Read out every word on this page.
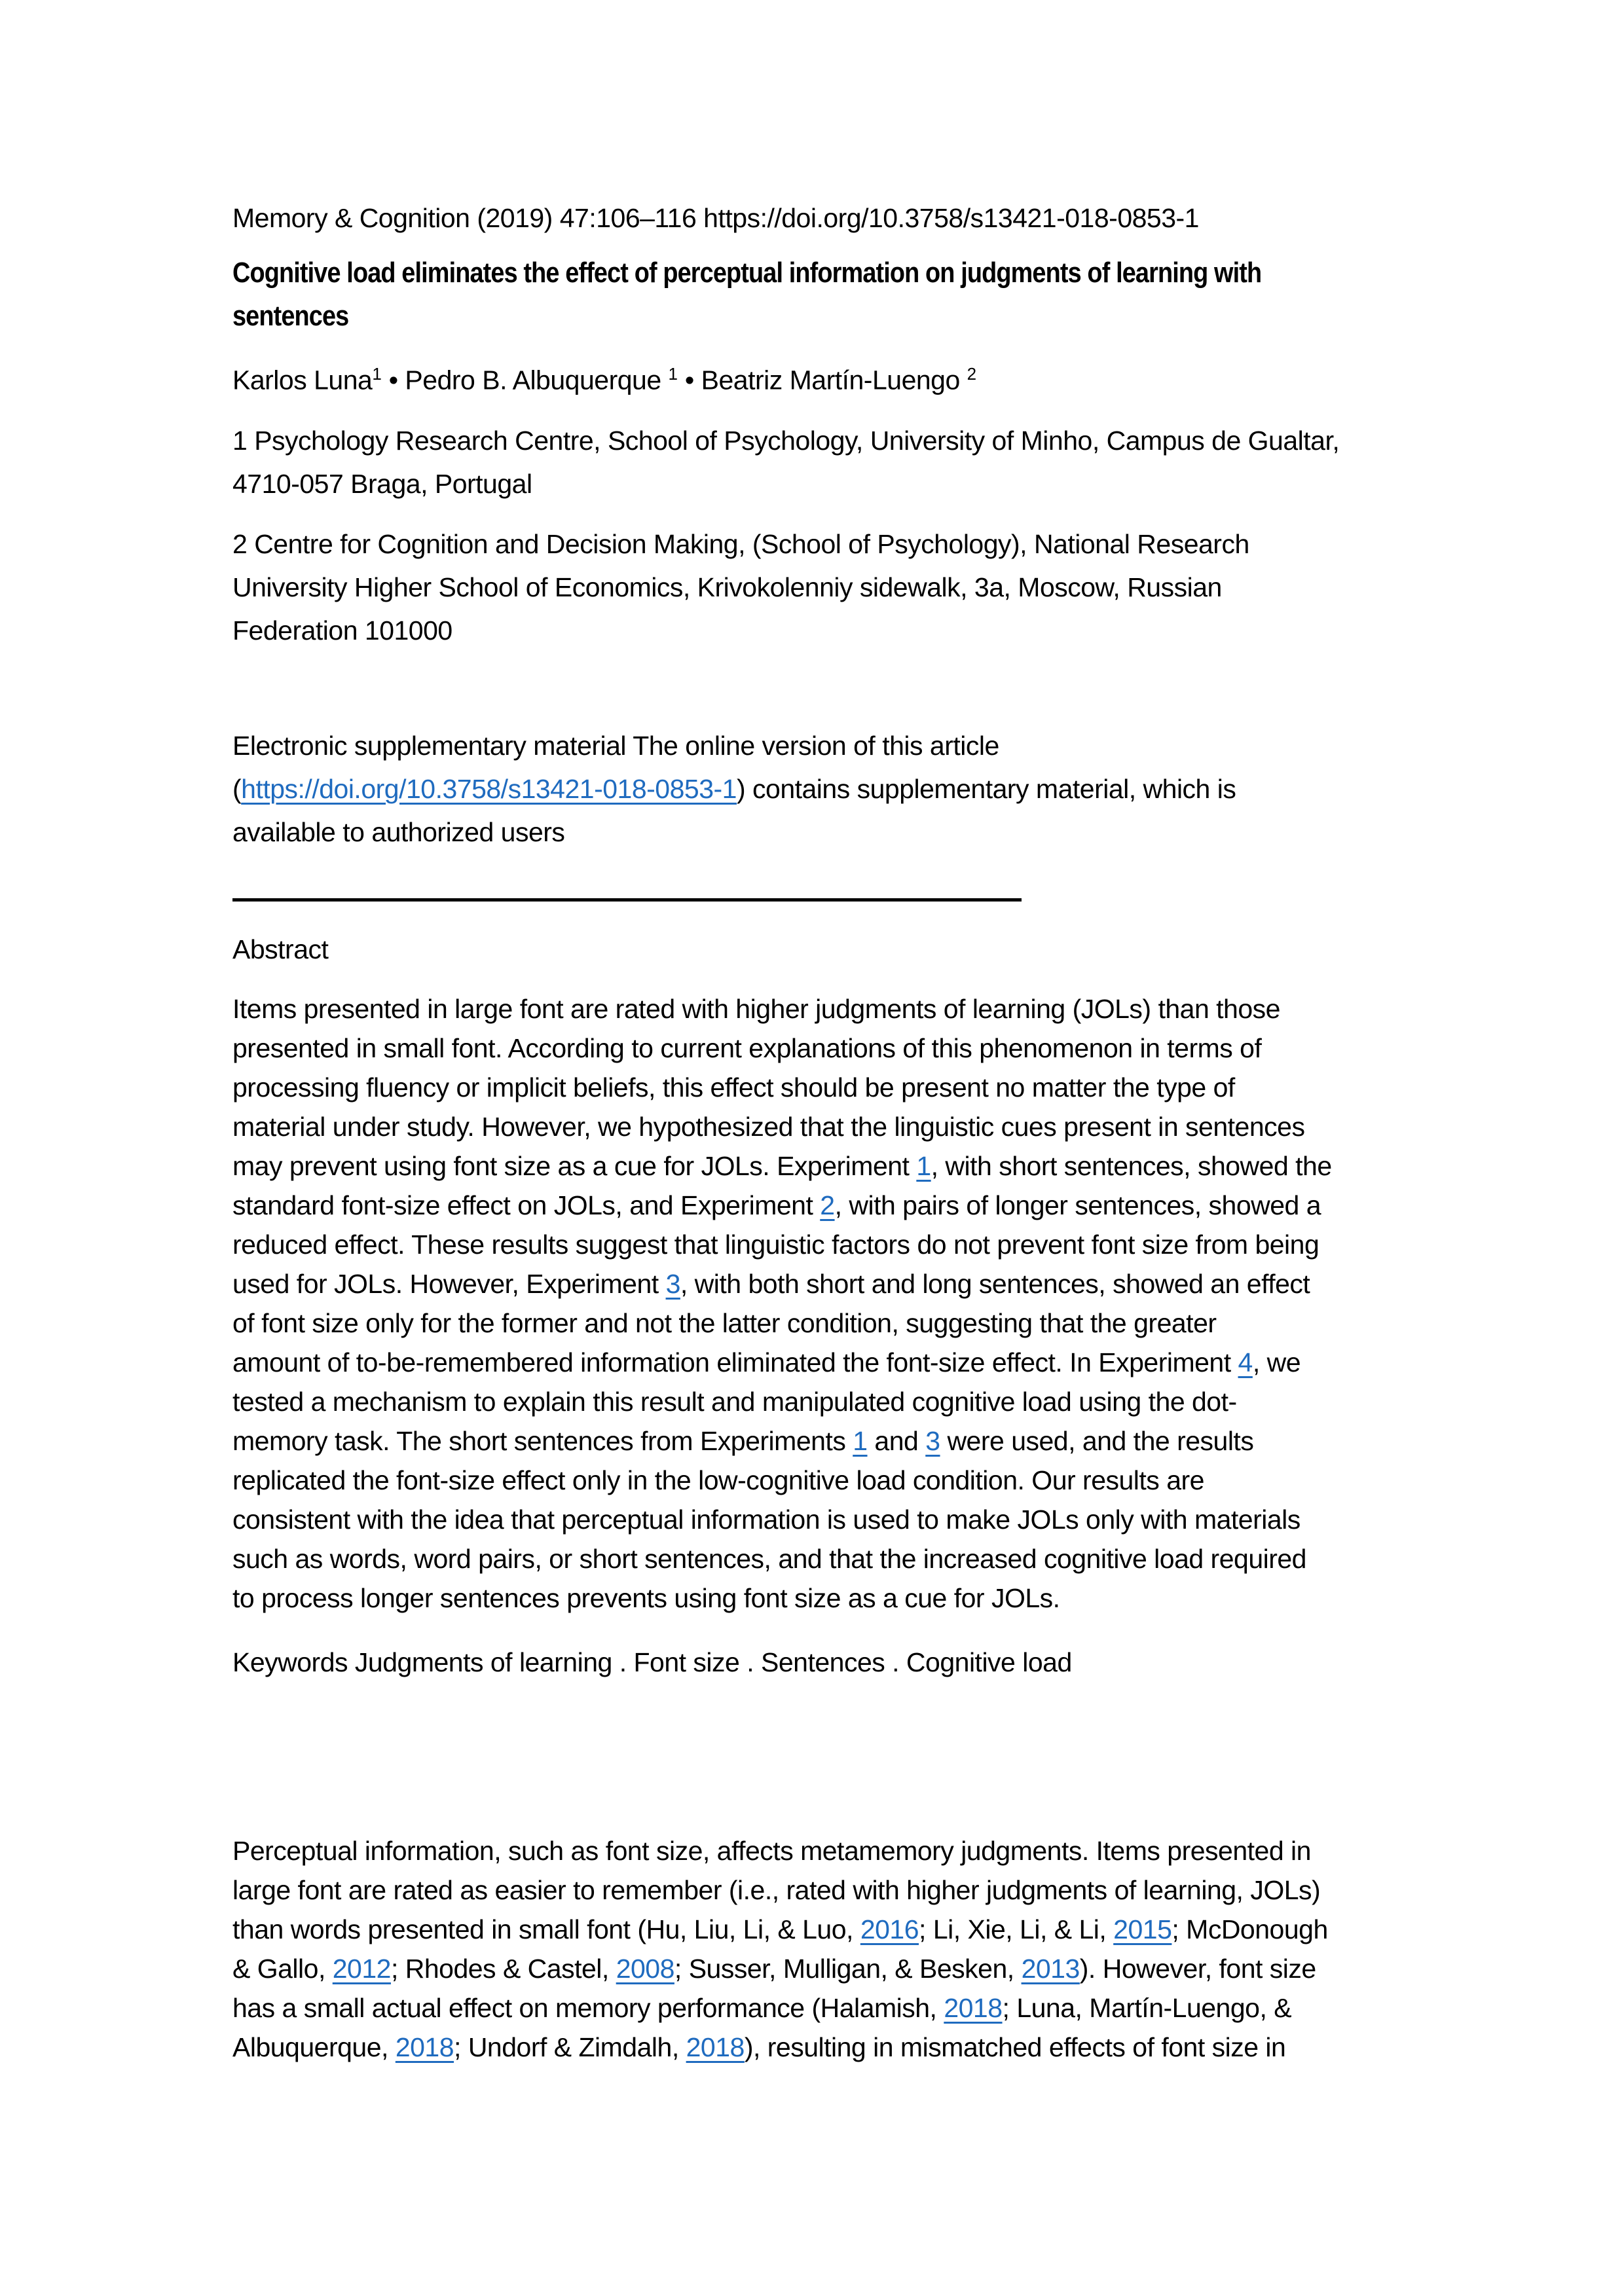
Memory & Cognition (2019) 47:106–116 https://doi.org/10.3758/s13421-018-0853-1
Cognitive load eliminates the effect of perceptual information on judgments of learning with
sentences
Karlos Luna$^1$ • Pedro B. Albuquerque $^1$ • Beatriz Martín-Luengo $^2$
1 Psychology Research Centre, School of Psychology, University of Minho, Campus de Gualtar,
4710-057 Braga, Portugal
2 Centre for Cognition and Decision Making, (School of Psychology), National Research
University Higher School of Economics, Krivokolenniy sidewalk, 3a, Moscow, Russian
Federation 101000
Electronic supplementary material The online version of this article
(https://doi.org/10.3758/s13421-018-0853-1) contains supplementary material, which is
available to authorized users
Abstract
Items presented in large font are rated with higher judgments of learning (JOLs) than those
presented in small font. According to current explanations of this phenomenon in terms of
processing fluency or implicit beliefs, this effect should be present no matter the type of
material under study. However, we hypothesized that the linguistic cues present in sentences
may prevent using font size as a cue for JOLs. Experiment 1, with short sentences, showed the
standard font-size effect on JOLs, and Experiment 2, with pairs of longer sentences, showed a
reduced effect. These results suggest that linguistic factors do not prevent font size from being
used for JOLs. However, Experiment 3, with both short and long sentences, showed an effect
of font size only for the former and not the latter condition, suggesting that the greater
amount of to-be-remembered information eliminated the font-size effect. In Experiment 4, we
tested a mechanism to explain this result and manipulated cognitive load using the dot-
memory task. The short sentences from Experiments 1 and 3 were used, and the results
replicated the font-size effect only in the low-cognitive load condition. Our results are
consistent with the idea that perceptual information is used to make JOLs only with materials
such as words, word pairs, or short sentences, and that the increased cognitive load required
to process longer sentences prevents using font size as a cue for JOLs.
Keywords Judgments of learning . Font size . Sentences . Cognitive load
Perceptual information, such as font size, affects metamemory judgments. Items presented in
large font are rated as easier to remember (i.e., rated with higher judgments of learning, JOLs)
than words presented in small font (Hu, Liu, Li, & Luo, 2016; Li, Xie, Li, & Li, 2015; McDonough
& Gallo, 2012; Rhodes & Castel, 2008; Susser, Mulligan, & Besken, 2013). However, font size
has a small actual effect on memory performance (Halamish, 2018; Luna, Martín-Luengo, &
Albuquerque, 2018; Undorf & Zimdalh, 2018), resulting in mismatched effects of font size in
